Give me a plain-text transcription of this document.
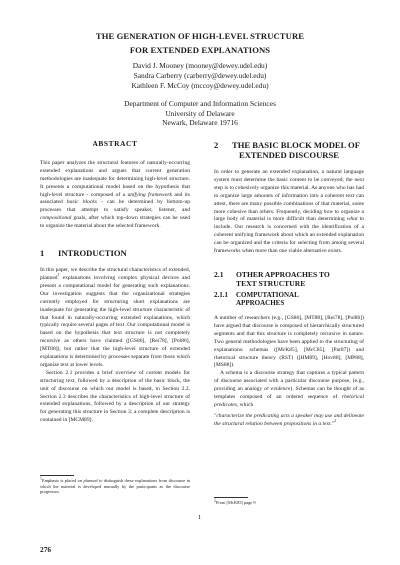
THE GENERATION OF HIGH-LEVEL STRUCTURE
FOR EXTENDED EXPLANATIONS
David J. Mooney (mooney@dewey.udel.edu)
Sandra Carberry (carberry@dewey.udel.edu)
Kathleen F. McCoy (mccoy@dewey.udel.edu)
Department of Computer and Information Sciences
University of Delaware
Newark, Delaware 19716
ABSTRACT

This paper analyzes the structural features of naturally-occurring extended explanations and argues that current generation methodologies are inadequate for determining high-level structure. It presents a computational model based on the hypothesis that high-level structure - composed of a unifying framework and its associated basic blocks - can be determined by bottom-up processes that attempt to satisfy speaker, listener, and compositional goals, after which top-down strategies can be used to organize the material about the selected framework.

1	INTRODUCTION

In this paper, we describe the structural characteristics of extended, planned$^1$ explanations involving complex physical devices and present a computational model for generating such explanations. Our investigation suggests that the organizational strategies currently employed for structuring short explanations are inadequate for generating the high-level structure characteristic of that found in naturally-occurring extended explanations, which typically require several pages of text. Our computational model is based on the hypothesis that text structure is not completely recursive as others have claimed ([GS86], [Rei78], [Pol86], [MT88]), but rather that the high-level structure of extended explanations is determined by processes separate from those which organize text at lower levels.

Section 2.1 provides a brief overview of current models for structuring text, followed by a description of the basic block, the unit of discourse on which our model is based, in Section 2.2. Section 2.3 describes the characteristics of high-level structure of extended explanations, followed by a description of our strategy for generating this structure in Section 3; a complete description is contained in [MCM89].

$^1$Emphasis is placed on planned to distinguish these explanations from discourse in which the material is developed mutually by the participants as the discourse progresses.
2	THE BASIC BLOCK MODEL OF
EXTENDED DISCOURSE

In order to generate an extended explanation, a natural language system must determine the basic content to be conveyed; the next step is to cohesively organize this material. As anyone who has had to organize large amounts of information into a coherent text can attest, there are many possible combinations of that material, some more cohesive than others. Frequently, deciding how to organize a large body of material is more difficult than determining what to include. Our research is concerned with the identification of a coherent unifying framework about which an extended explanation can be organized and the criteria for selecting from among several frameworks when more than one viable alternative exists.

2.1	OTHER APPROACHES TO
TEXT STRUCTURE
2.1.1	COMPUTATIONAL
APPROACHES

A number of researchers (e.g., [GS86], [MT88], [Rei78], [Pol86]) have argued that discourse is composed of hierarchically structured segments and that this structure is completely recursive in nature. Two general methodologies have been applied to the structuring of explanations: schemas ([McK85], [McC85], [Par87]) and rhetorical structure theory (RST) ([HM89], [Hov88], [MP88], [MS88]).

A schema is a discourse strategy that captures a typical pattern of discourse associated with a particular discourse purpose, (e.g., providing an analogy or evidence). Schemas can be thought of as templates composed of an ordered sequence of rhetorical predicates, which

"characterize the predicating acts a speaker may use and delineate the structural relation between propositions in a text."$^2$

$^2$From [McK85] page 9
1
276
